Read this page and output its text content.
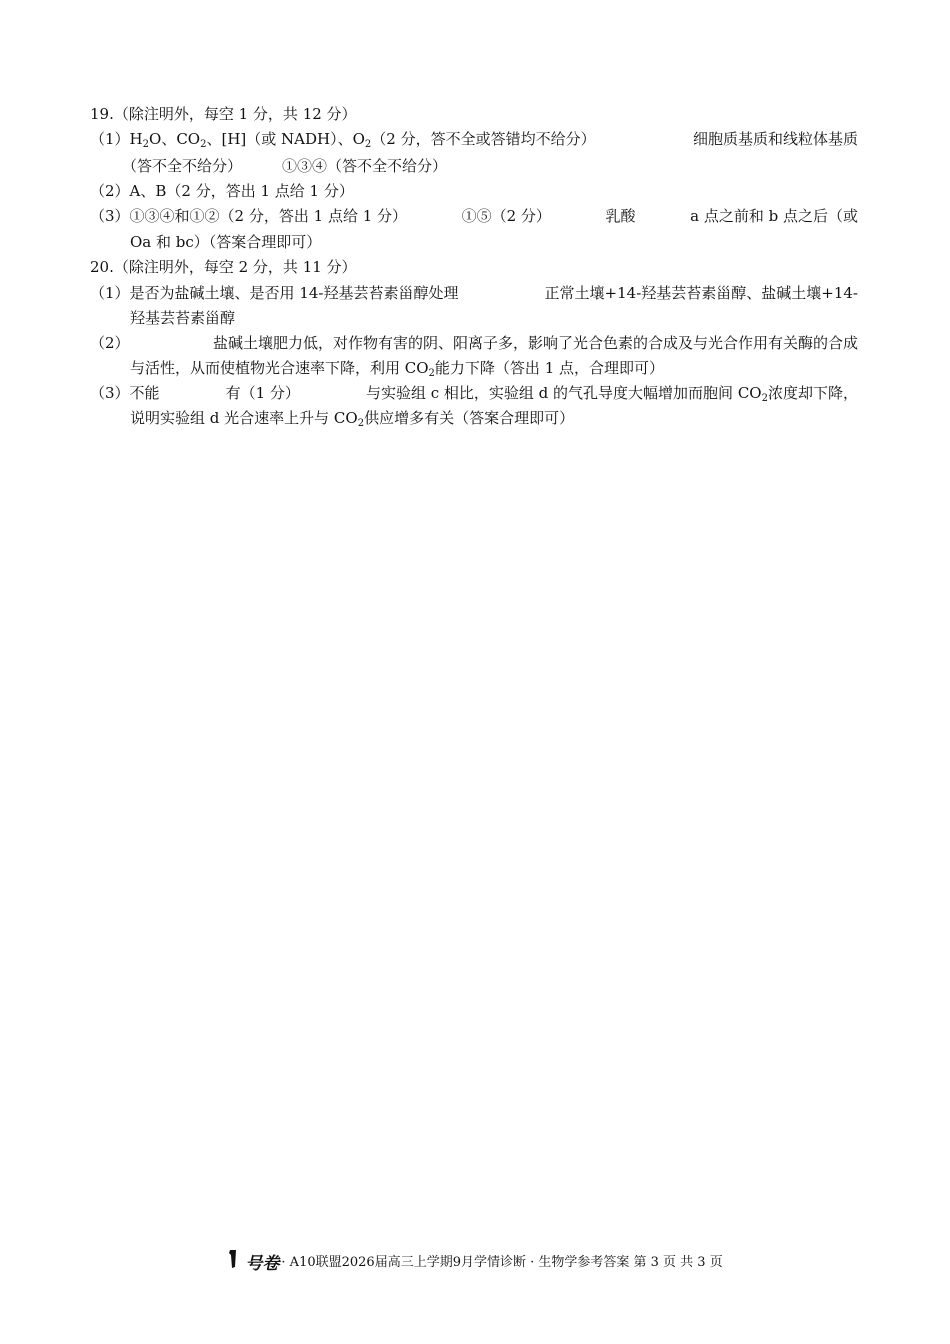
19.（除注明外，每空 1 分，共 12 分）
$(1)H_2O$、$CO_2$、[H]（或 NADH）、$O_2(2$ 分，答不全或答错均不给分）	细胞质基质和线粒体基质
（答不全不给分）	①③④（答不全不给分）
（2）A、B（2 分，答出 1 点给 1 分）
（3）①③④和①②（2 分，答出 1 点给 1 分）	①⑤（2 分）	乳酸	a 点之前和 b 点之后（或
Oa 和 bc）（答案合理即可）
20.（除注明外，每空 2 分，共 11 分）
（1）是否为盐碱土壤、是否用 14-羟基芸苔素甾醇处理	正常土壤+14-羟基芸苔素甾醇、盐碱土壤+14-
羟基芸苔素甾醇
（2）	盐碱土壤肥力低，对作物有害的阴、阳离子多，影响了光合色素的合成及与光合作用有关酶的合成
与活性，从而使植物光合速率下降，利用 $CO_2$能力下降（答出 1 点，合理即可）
（3）不能	有（1 分）	与实验组 c 相比，实验组 d 的气孔导度大幅增加而胞间 $CO_2$浓度却下降，
说明实验组 d 光合速率上升与 $CO_2$供应增多有关（答案合理即可）
号卷 · A10联盟2026届高三上学期9月学情诊断 · 生物学参考答案 第 3 页 共 3 页
